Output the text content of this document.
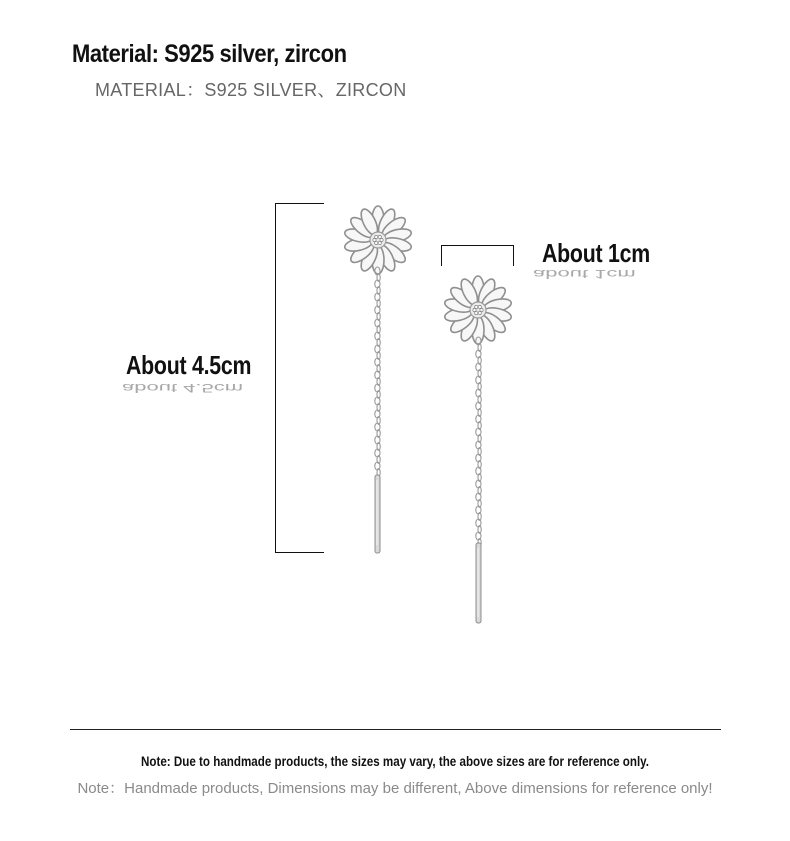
Material: S925 silver, zircon
MATERIAL：S925 SILVER、ZIRCON
About 4.5cm
about 4.5cm
About 1cm
about 1cm
Note: Due to handmade products, the sizes may vary, the above sizes are for reference only.
Note：Handmade products, Dimensions may be different, Above dimensions for reference only!
